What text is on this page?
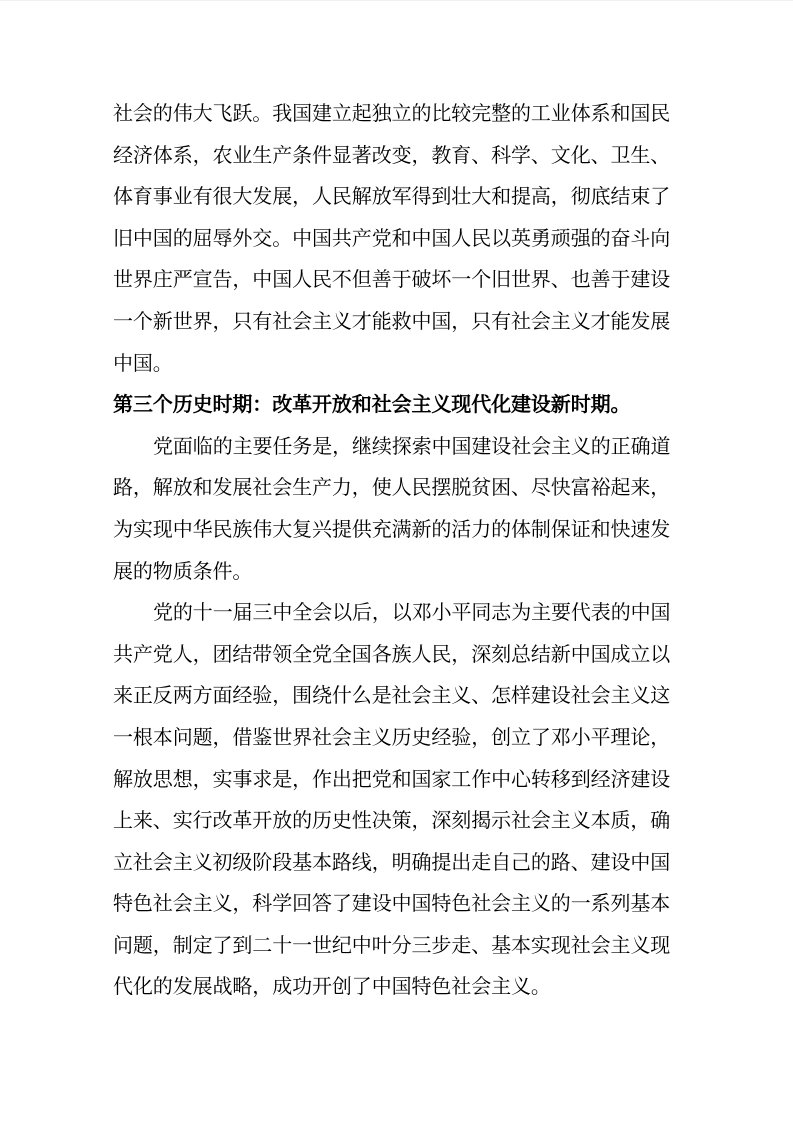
社会的伟大飞跃。我国建立起独立的比较完整的工业体系和国民
经济体系，农业生产条件显著改变，教育、科学、文化、卫生、
体育事业有很大发展，人民解放军得到壮大和提高，彻底结束了
旧中国的屈辱外交。中国共产党和中国人民以英勇顽强的奋斗向
世界庄严宣告，中国人民不但善于破坏一个旧世界、也善于建设
一个新世界，只有社会主义才能救中国，只有社会主义才能发展
中国。
第三个历史时期：改革开放和社会主义现代化建设新时期。
党面临的主要任务是，继续探索中国建设社会主义的正确道
路，解放和发展社会生产力，使人民摆脱贫困、尽快富裕起来，
为实现中华民族伟大复兴提供充满新的活力的体制保证和快速发
展的物质条件。
党的十一届三中全会以后，以邓小平同志为主要代表的中国
共产党人，团结带领全党全国各族人民，深刻总结新中国成立以
来正反两方面经验，围绕什么是社会主义、怎样建设社会主义这
一根本问题，借鉴世界社会主义历史经验，创立了邓小平理论，
解放思想，实事求是，作出把党和国家工作中心转移到经济建设
上来、实行改革开放的历史性决策，深刻揭示社会主义本质，确
立社会主义初级阶段基本路线，明确提出走自己的路、建设中国
特色社会主义，科学回答了建设中国特色社会主义的一系列基本
问题，制定了到二十一世纪中叶分三步走、基本实现社会主义现
代化的发展战略，成功开创了中国特色社会主义。
